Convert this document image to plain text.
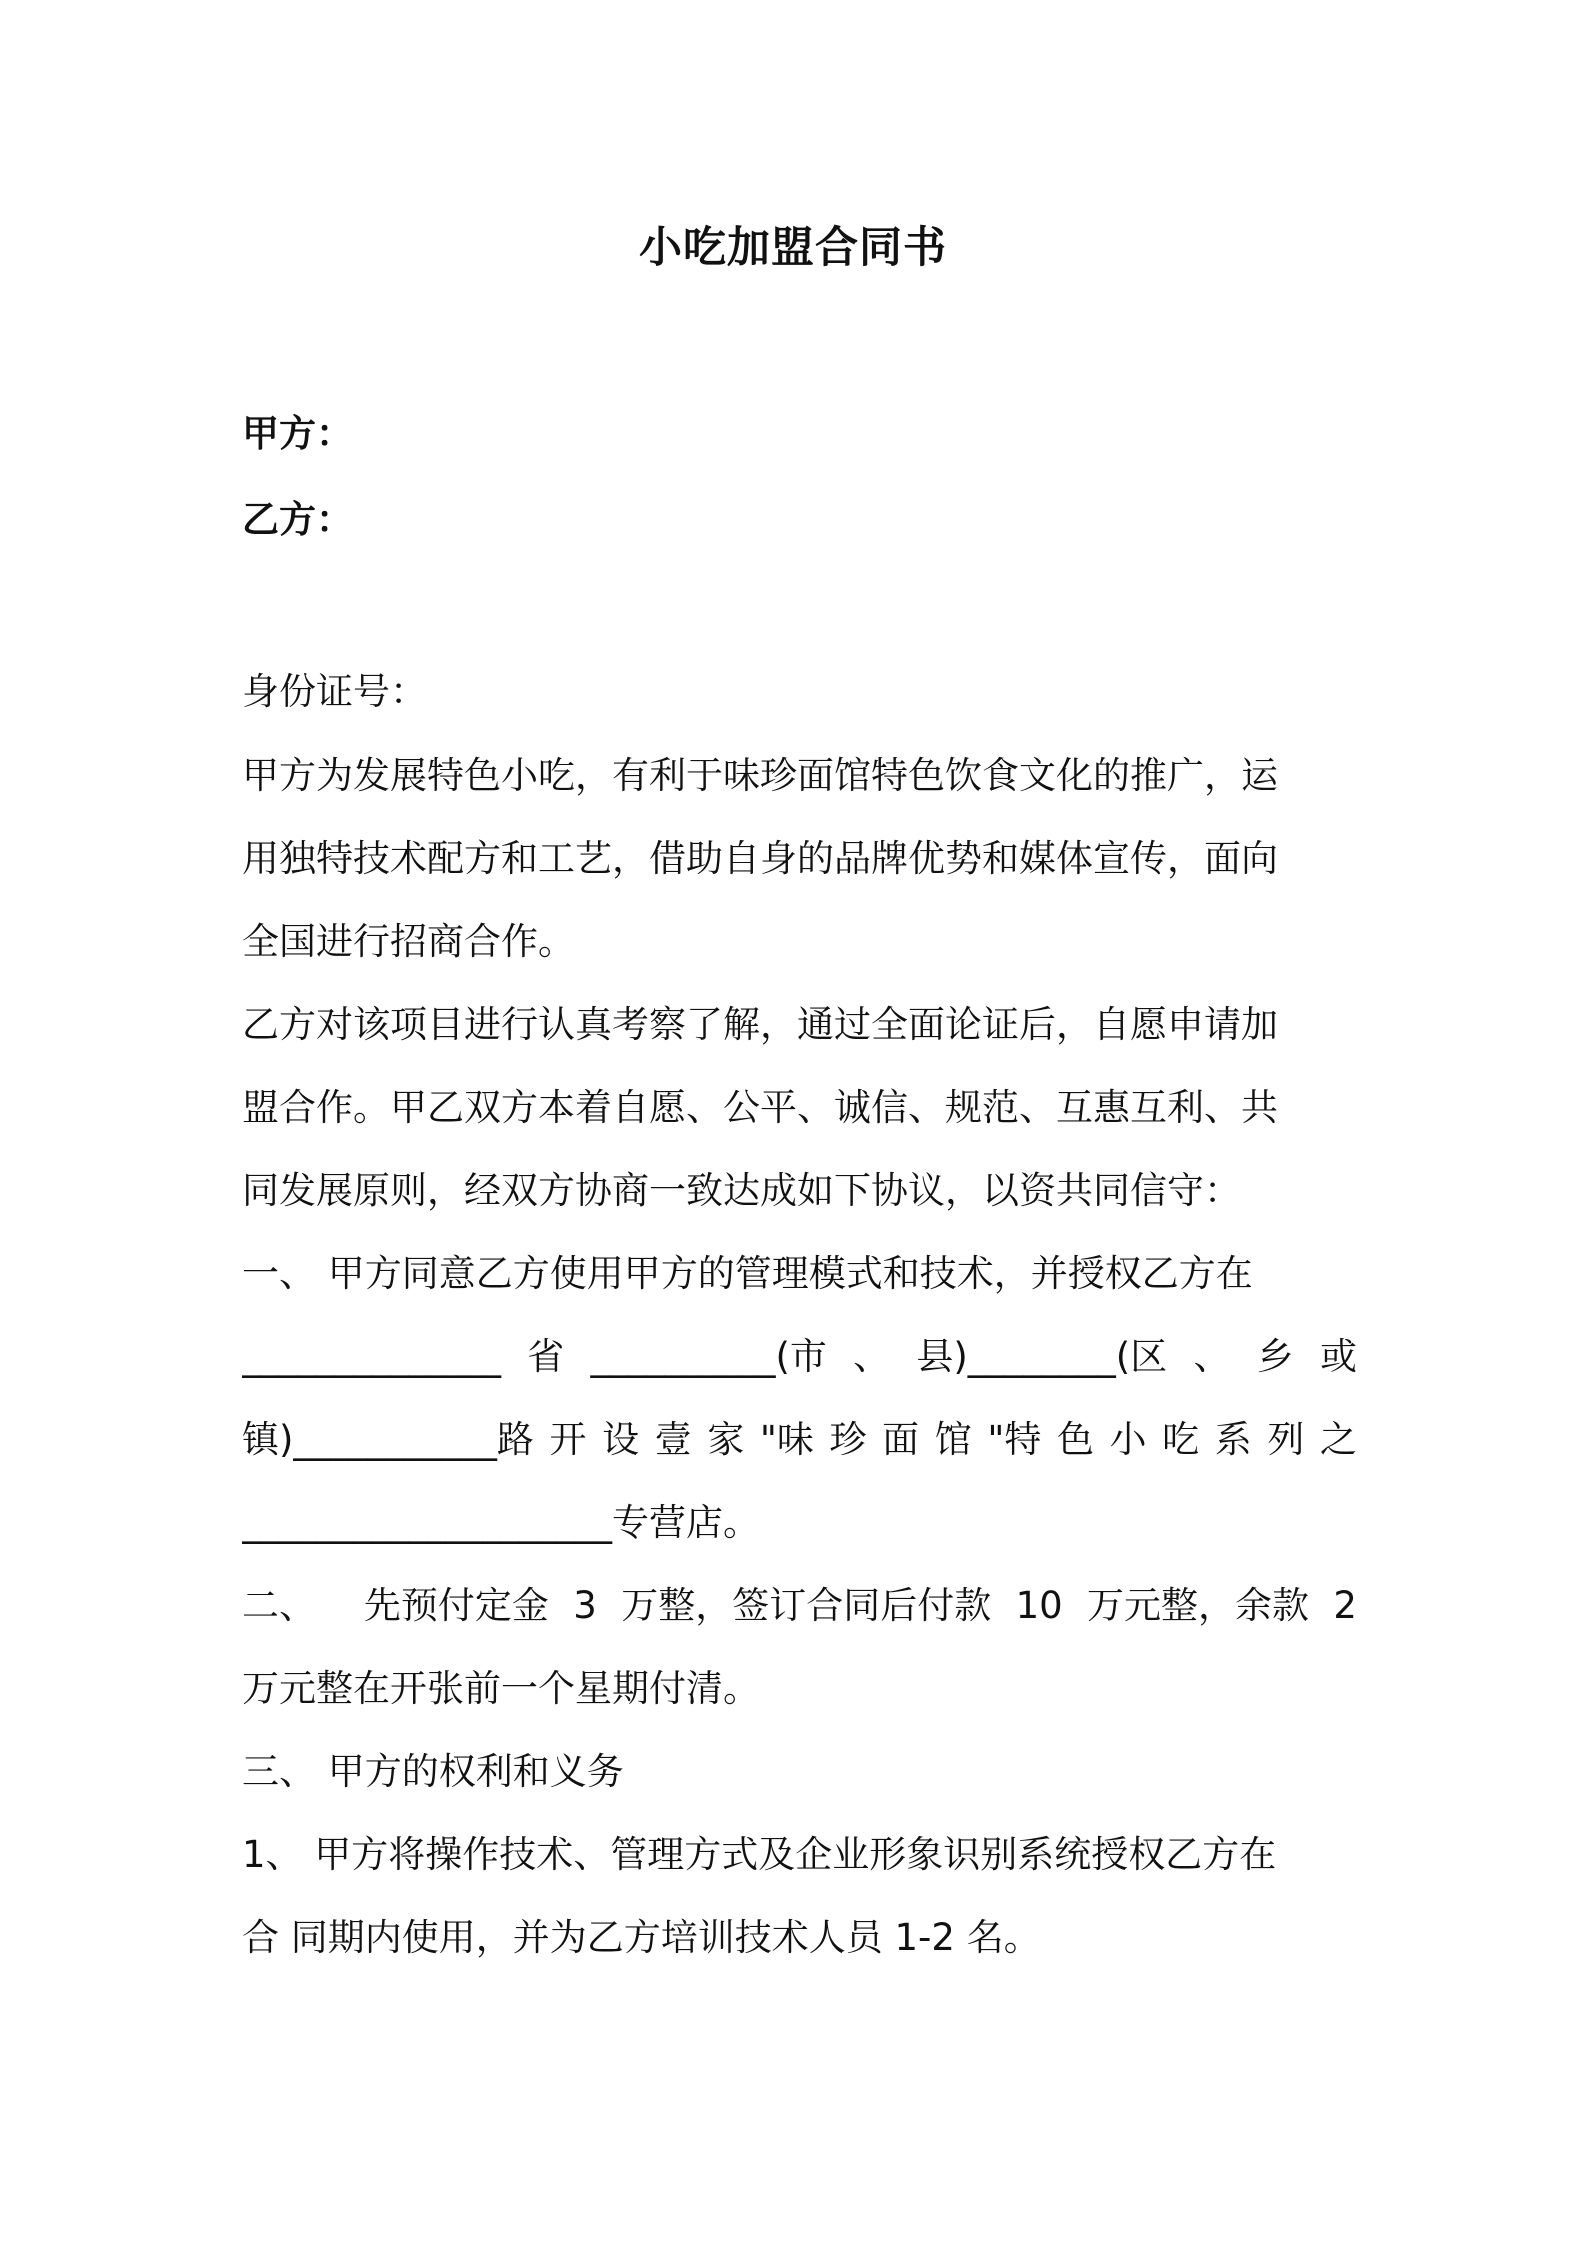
小吃加盟合同书
甲方：
乙方：
身份证号：
甲方为发展特色小吃，有利于味珍面馆特色饮食文化的推广，运
用独特技术配方和工艺，借助自身的品牌优势和媒体宣传，面向
全国进行招商合作。
乙方对该项目进行认真考察了解，通过全面论证后，自愿申请加
盟合作。甲乙双方本着自愿、公平、诚信、规范、互惠互利、共
同发展原则，经双方协商一致达成如下协议，以资共同信守：
一、 甲方同意乙方使用甲方的管理模式和技术，并授权乙方在
______________ 省 __________(市 、 县)________(区 、 乡 或
镇)___________路 开 设 壹 家 "味 珍 面 馆 "特 色 小 吃 系 列 之
____________________专营店。
二、 先预付定金 3 万整，签订合同后付款 10 万元整，余款 2
万元整在开张前一个星期付清。
三、 甲方的权利和义务
1、 甲方将操作技术、管理方式及企业形象识别系统授权乙方在
合 同期内使用，并为乙方培训技术人员 1-2 名。
